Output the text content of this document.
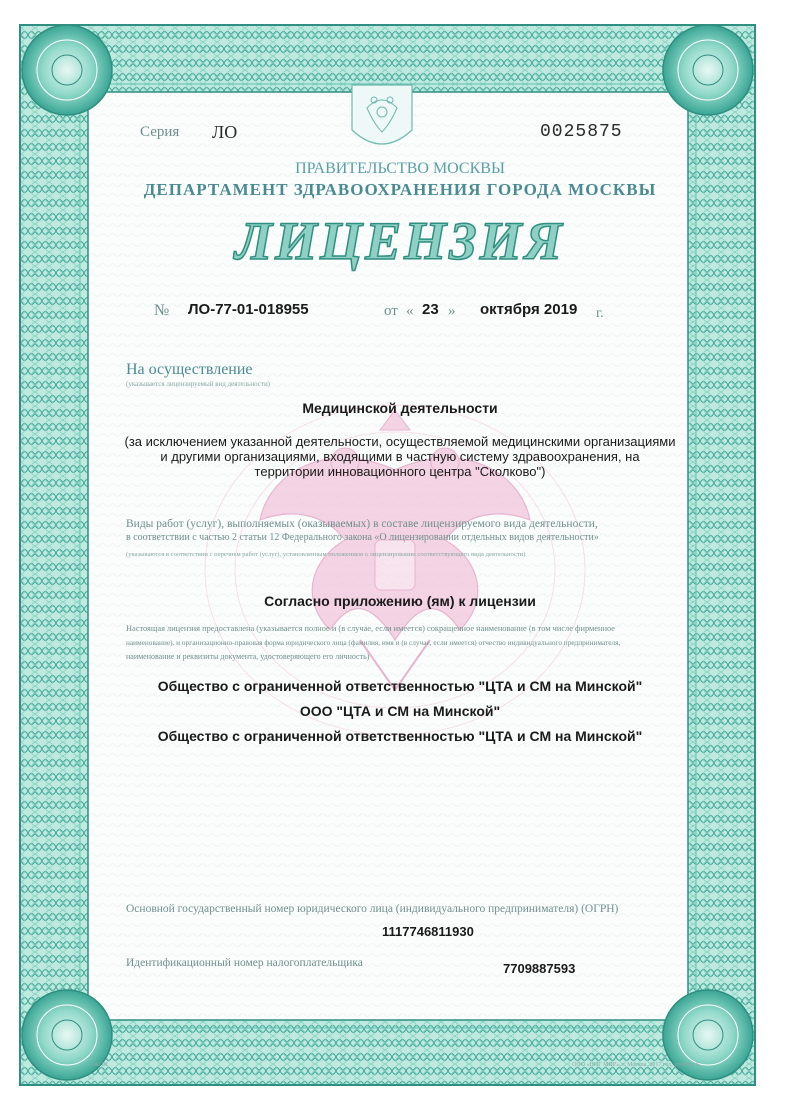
Серия ЛО	0025875

ПРАВИТЕЛЬСТВО МОСКВЫ

ДЕПАРТАМЕНТ ЗДРАВООХРАНЕНИЯ ГОРОДА МОСКВЫ

ЛИЦЕНЗИЯ

№ ЛО-77-01-018955	от « 23 » октября 2019 г.

На осуществление

(указывается лицензируемый вид деятельности)

Медицинской деятельности

(за исключением указанной деятельности, осуществляемой медицинскими организациями

и другими организациями, входящими в частную систему здравоохранения, на

территории инновационного центра "Сколково")

Виды работ (услуг), выполняемых (оказываемых) в составе лицензируемого вида деятельности,

в соответствии с частью 2 статьи 12 Федерального закона «О лицензировании отдельных видов деятельности»

(указываются в соответствии с перечнем работ (услуг), установленным положением о лицензировании соответствующего вида деятельности)

Согласно приложению (ям) к лицензии

Настоящая лицензия предоставлена (указывается полное и (в случае, если имеется) сокращенное наименование (в том числе фирменное

наименование), и организационно-правовая форма юридического лица (фамилия, имя и (в случае, если имеется) отчество индивидуального предпринимателя,

наименование и реквизиты документа, удостоверяющего его личность)

Общество с ограниченной ответственностью "ЦТА и СМ на Минской"

ООО "ЦТА и СМ на Минской"

Общество с ограниченной ответственностью "ЦТА и СМ на Минской"

Основной государственный номер юридического лица (индивидуального предпринимателя) (ОГРН)

1117746811930

Идентификационный номер налогоплательщика	7709887593

04218	ООО «НПГ МИР», г. Москва, 2017 год, уровень Б
